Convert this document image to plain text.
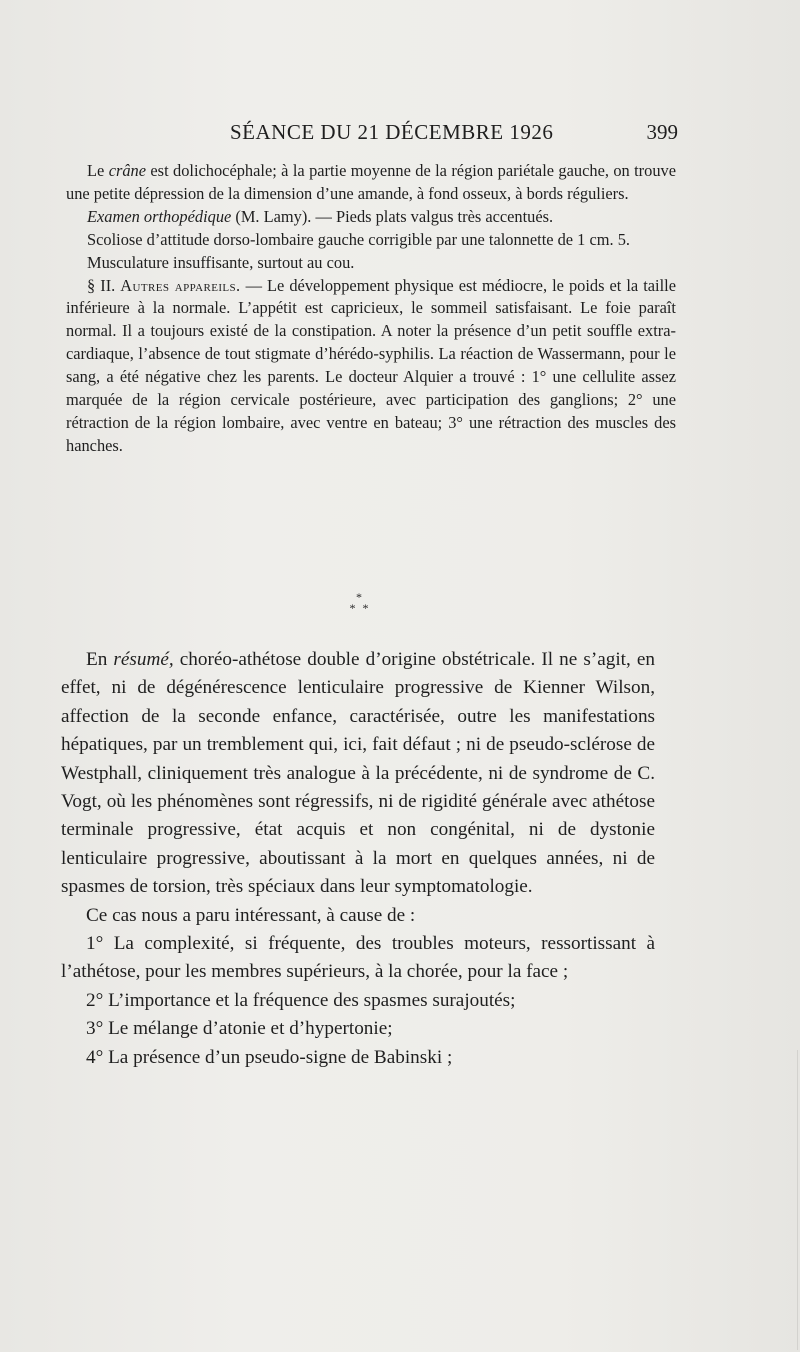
SÉANCE DU 21 DÉCEMBRE 1926	399

Le crâne est dolichocéphale; à la partie moyenne de la région pariétale gauche, on trouve une petite dépression de la dimension d’une amande, à fond osseux, à bords réguliers.

Examen orthopédique (M. Lamy). — Pieds plats valgus très accentués.

Scoliose d’attitude dorso-lombaire gauche corrigible par une talonnette de 1 cm. 5.

Musculature insuffisante, surtout au cou.

§ II. Autres appareils. — Le développement physique est médiocre, le poids et la taille inférieure à la normale. L’appétit est capricieux, le sommeil satisfaisant. Le foie paraît normal. Il a toujours existé de la constipation. A noter la présence d’un petit souffle extra-cardiaque, l’absence de tout stigmate d’hérédo-syphilis. La réaction de Wassermann, pour le sang, a été négative chez les parents. Le docteur Alquier a trouvé : 1° une cellulite assez marquée de la région cervicale postérieure, avec participation des ganglions; 2° une rétraction de la région lombaire, avec ventre en bateau; 3° une rétraction des muscles des hanches.

*
* *

En résumé, choréo-athétose double d’origine obstétricale. Il ne s’agit, en effet, ni de dégénérescence lenticulaire progressive de Kienner Wilson, affection de la seconde enfance, caractérisée, outre les manifestations hépatiques, par un tremblement qui, ici, fait défaut ; ni de pseudo-sclérose de Westphall, cliniquement très analogue à la précédente, ni de syndrome de C. Vogt, où les phénomènes sont régressifs, ni de rigidité générale avec athétose terminale progressive, état acquis et non congénital, ni de dystonie lenticulaire progressive, aboutissant à la mort en quelques années, ni de spasmes de torsion, très spéciaux dans leur symptomatologie.

Ce cas nous a paru intéressant, à cause de :

1° La complexité, si fréquente, des troubles moteurs, ressortissant à l’athétose, pour les membres supérieurs, à la chorée, pour la face ;

2° L’importance et la fréquence des spasmes surajoutés;

3° Le mélange d’atonie et d’hypertonie;

4° La présence d’un pseudo-signe de Babinski ;
